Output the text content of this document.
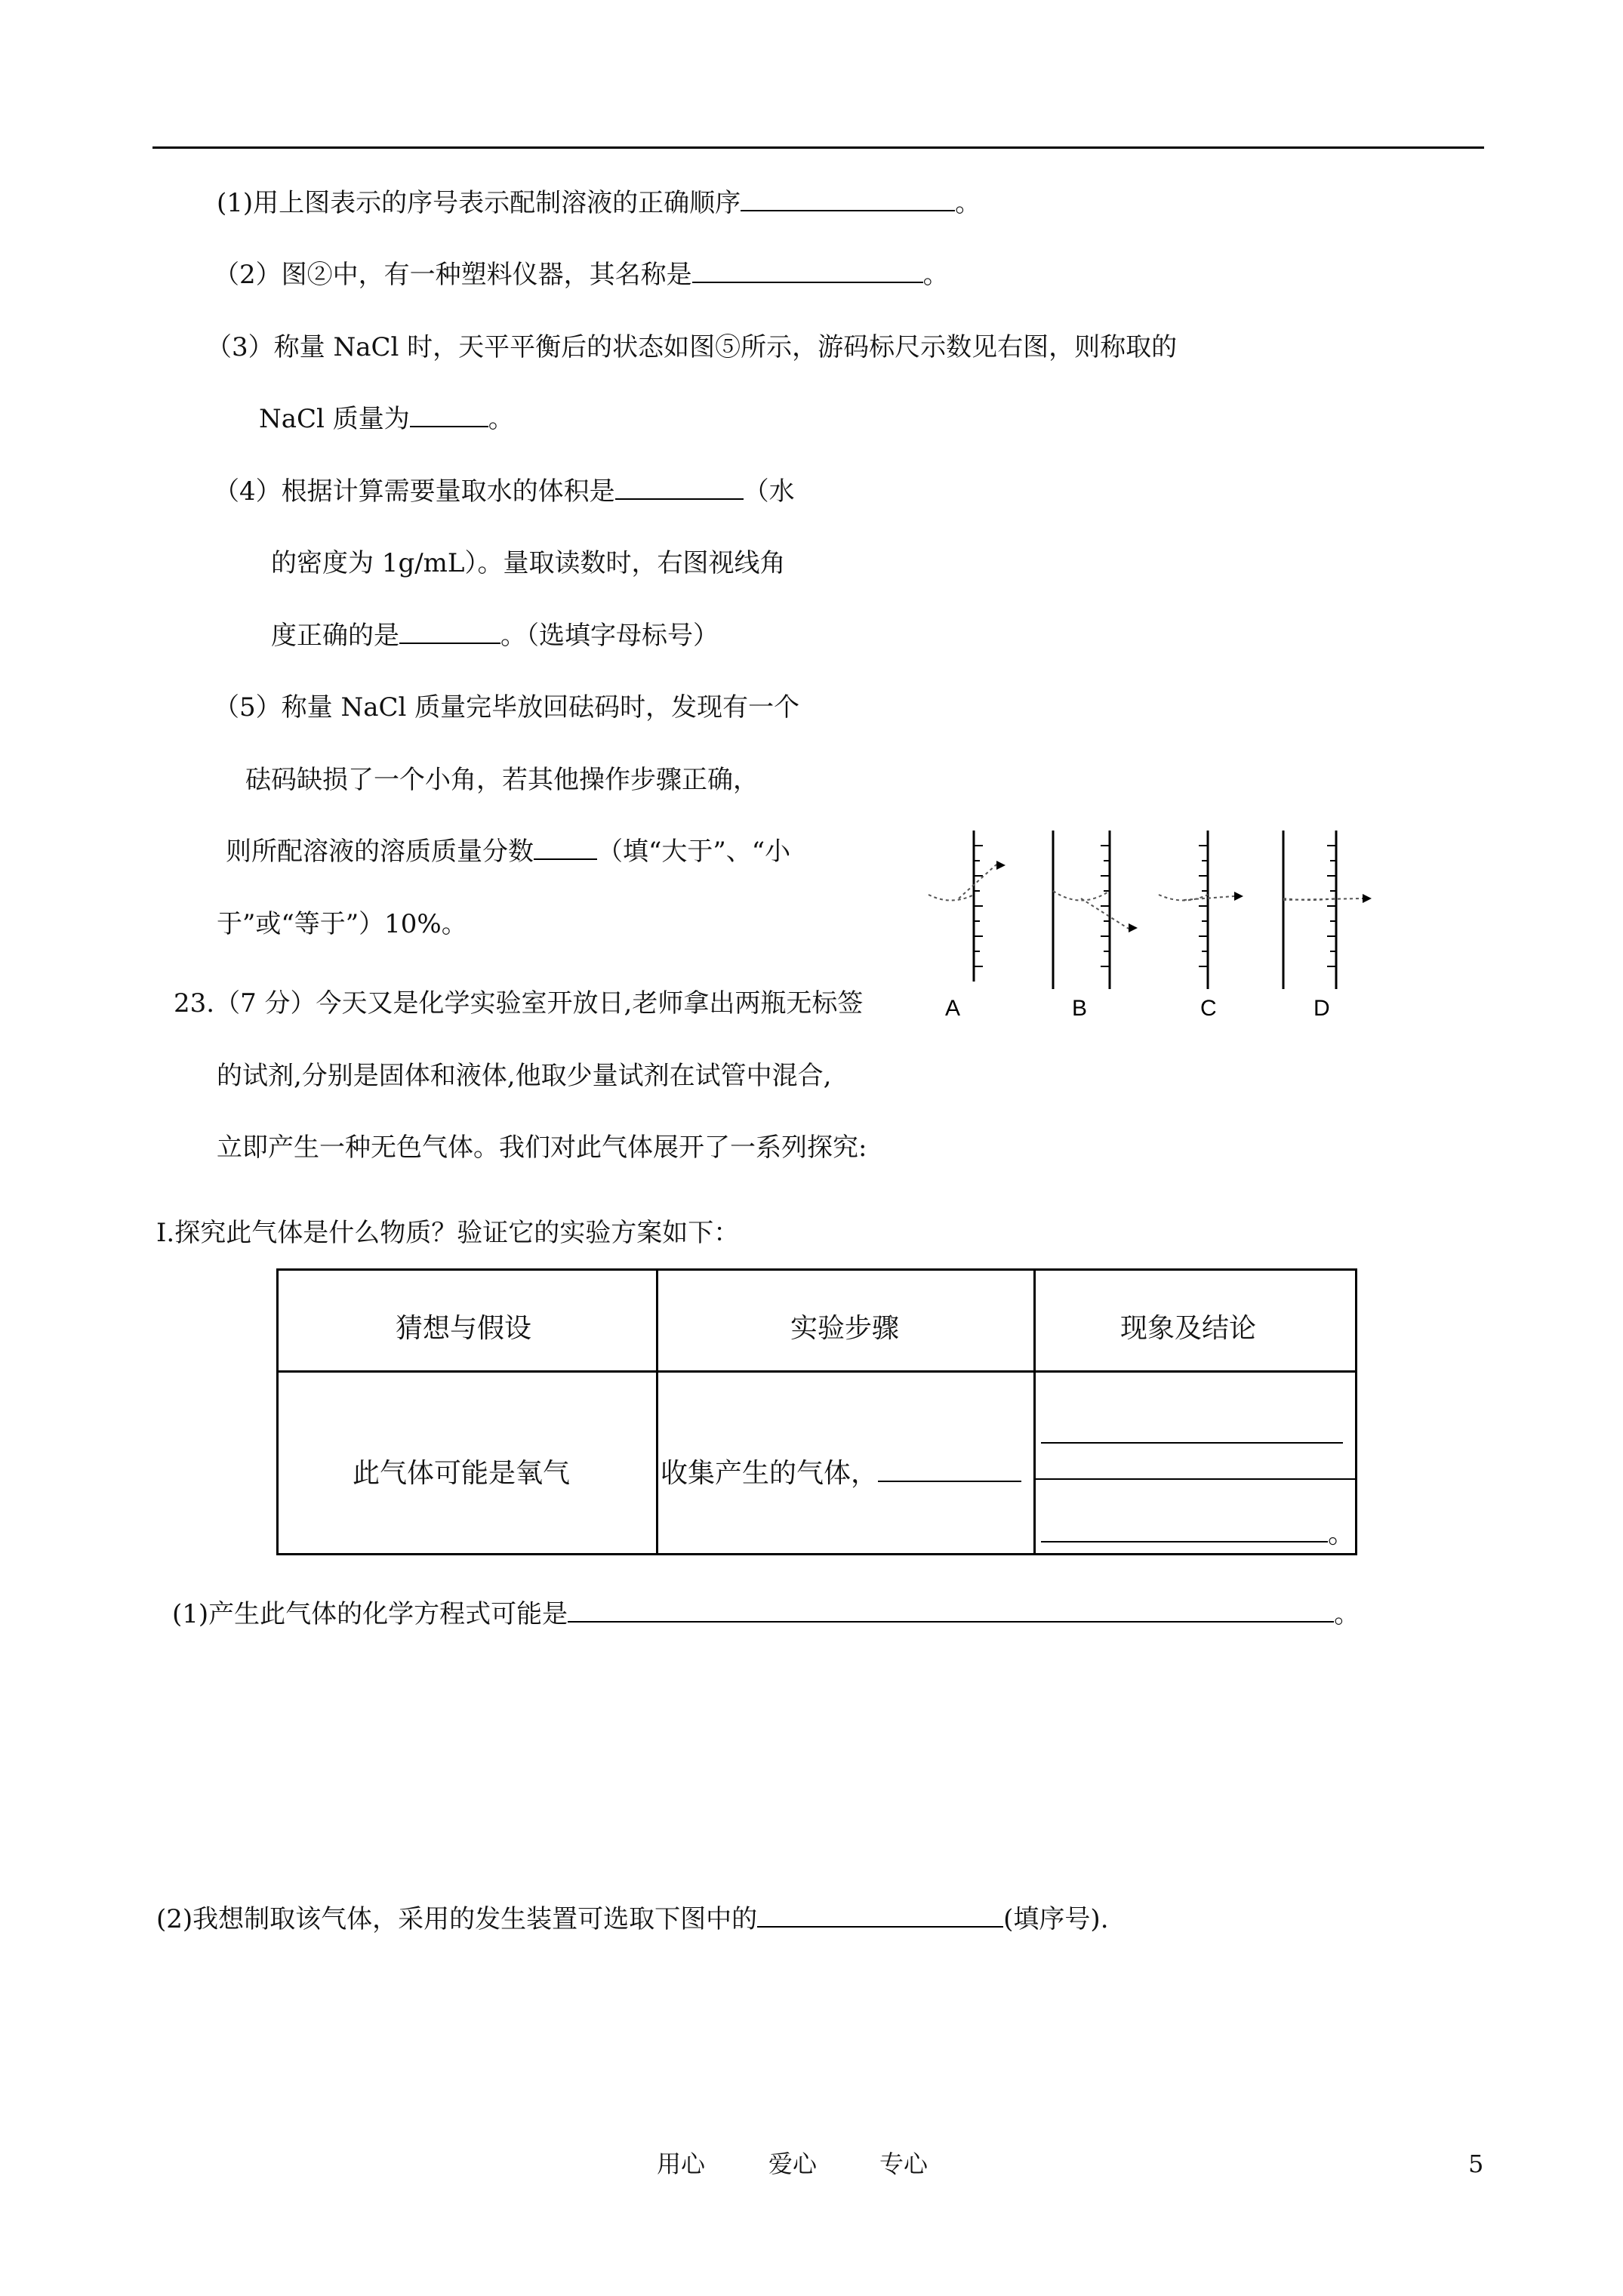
(1)用上图表示的序号表示配制溶液的正确顺序	。
（2）图②中，有一种塑料仪器，其名称是	。
（3）称量 NaCl 时，天平平衡后的状态如图⑤所示，游码标尺示数见右图，则称取的
NaCl 质量为	。
（4）根据计算需要量取水的体积是	（水
的密度为 1g/mL）。量取读数时，右图视线角
度正确的是	。（选填字母标号）
（5）称量 NaCl 质量完毕放回砝码时，发现有一个
砝码缺损了一个小角，若其他操作步骤正确，
则所配溶液的溶质质量分数 （填“大于”、“小
于”或“等于”）10%。
A	B	C	D
23.（7 分）今天又是化学实验室开放日,老师拿出两瓶无标签
的试剂,分别是固体和液体,他取少量试剂在试管中混合,
立即产生一种无色气体。我们对此气体展开了一系列探究:
I.探究此气体是什么物质？验证它的实验方案如下：
猜想与假设	实验步骤	现象及结论
此气体可能是氧气	收集产生的气体，
。
(1)产生此气体的化学方程式可能是	。
(2)我想制取该气体，采用的发生装置可选取下图中的	(填序号).
用心	爱心	专心	5
